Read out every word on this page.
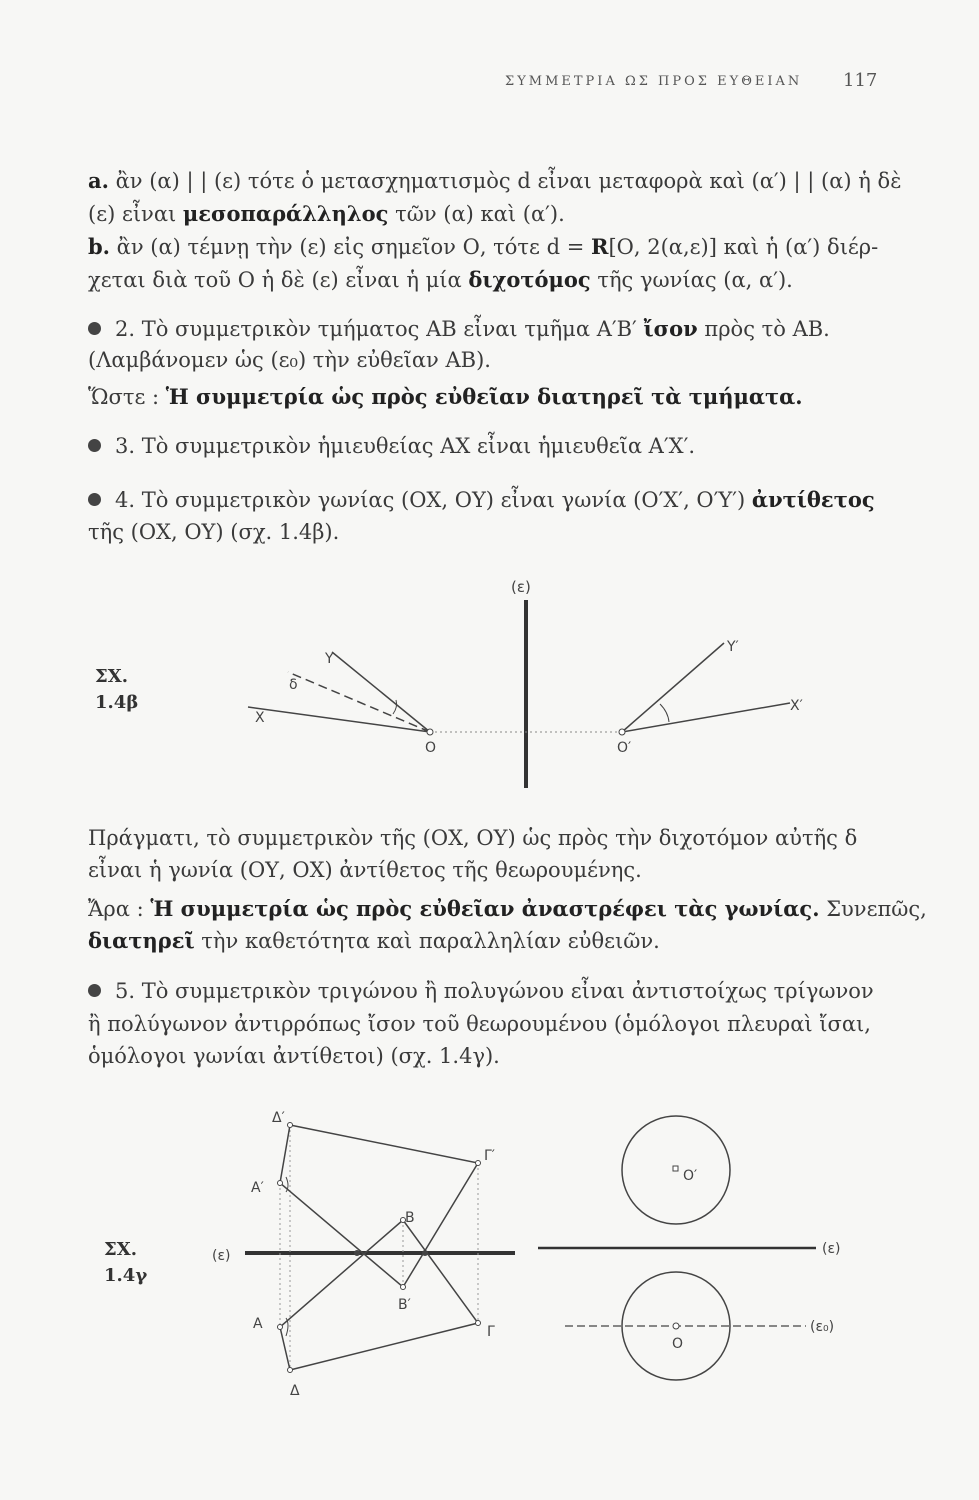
ΣΥΜΜΕΤΡΙΑ ΩΣ ΠΡΟΣ ΕΥΘΕΙΑΝ 117
a. ἂν (α) | | (ε) τότε ὁ μετασχηματισμὸς d εἶναι μεταφορὰ καὶ (α′) | | (α) ἡ δὲ
(ε) εἶναι μεσοπαράλληλος τῶν (α) καὶ (α′).
b. ἂν (α) τέμνῃ τὴν (ε) εἰς σημεῖον Ο, τότε d = R[Ο, 2(α,ε)] καὶ ἡ (α′) διέρ-
χεται διὰ τοῦ Ο ἡ δὲ (ε) εἶναι ἡ μία διχοτόμος τῆς γωνίας (α, α′).
2. Τὸ συμμετρικὸν τμήματος ΑΒ εἶναι τμῆμα Α′Β′ ἴσον πρὸς τὸ ΑΒ.
(Λαμβάνομεν ὡς (ε₀) τὴν εὐθεῖαν ΑΒ).
Ὥστε : Ἡ συμμετρία ὡς πρὸς εὐθεῖαν διατηρεῖ τὰ τμήματα.
3. Τὸ συμμετρικὸν ἡμιευθείας ΑΧ εἶναι ἡμιευθεῖα Α′Χ′.
4. Τὸ συμμετρικὸν γωνίας (ΟΧ, ΟΥ) εἶναι γωνία (Ο′Χ′, Ο′Υ′) ἀντίθετος
τῆς (ΟΧ, ΟΥ) (σχ. 1.4β).
ΣΧ.
1.4β
(ε)
Y
δ
X
O
Y′
X′
O′
Πράγματι, τὸ συμμετρικὸν τῆς (ΟΧ, ΟΥ) ὡς πρὸς τὴν διχοτόμον αὐτῆς δ
εἶναι ἡ γωνία (ΟΥ, ΟΧ) ἀντίθετος τῆς θεωρουμένης.
Ἄρα : Ἡ συμμετρία ὡς πρὸς εὐθεῖαν ἀναστρέφει τὰς γωνίας. Συνεπῶς,
διατηρεῖ τὴν καθετότητα καὶ παραλληλίαν εὐθειῶν.
5. Τὸ συμμετρικὸν τριγώνου ἢ πολυγώνου εἶναι ἀντιστοίχως τρίγωνον
ἢ πολύγωνον ἀντιρρόπως ἴσον τοῦ θεωρουμένου (ὁμόλογοι πλευραὶ ἴσαι,
ὁμόλογοι γωνίαι ἀντίθετοι) (σχ. 1.4γ).
ΣΧ.
1.4γ
(ε)
Δ′
Α′
Γ′
B
B′
Α	Γ
Δ
(ε)
O′
O
(ε₀)
